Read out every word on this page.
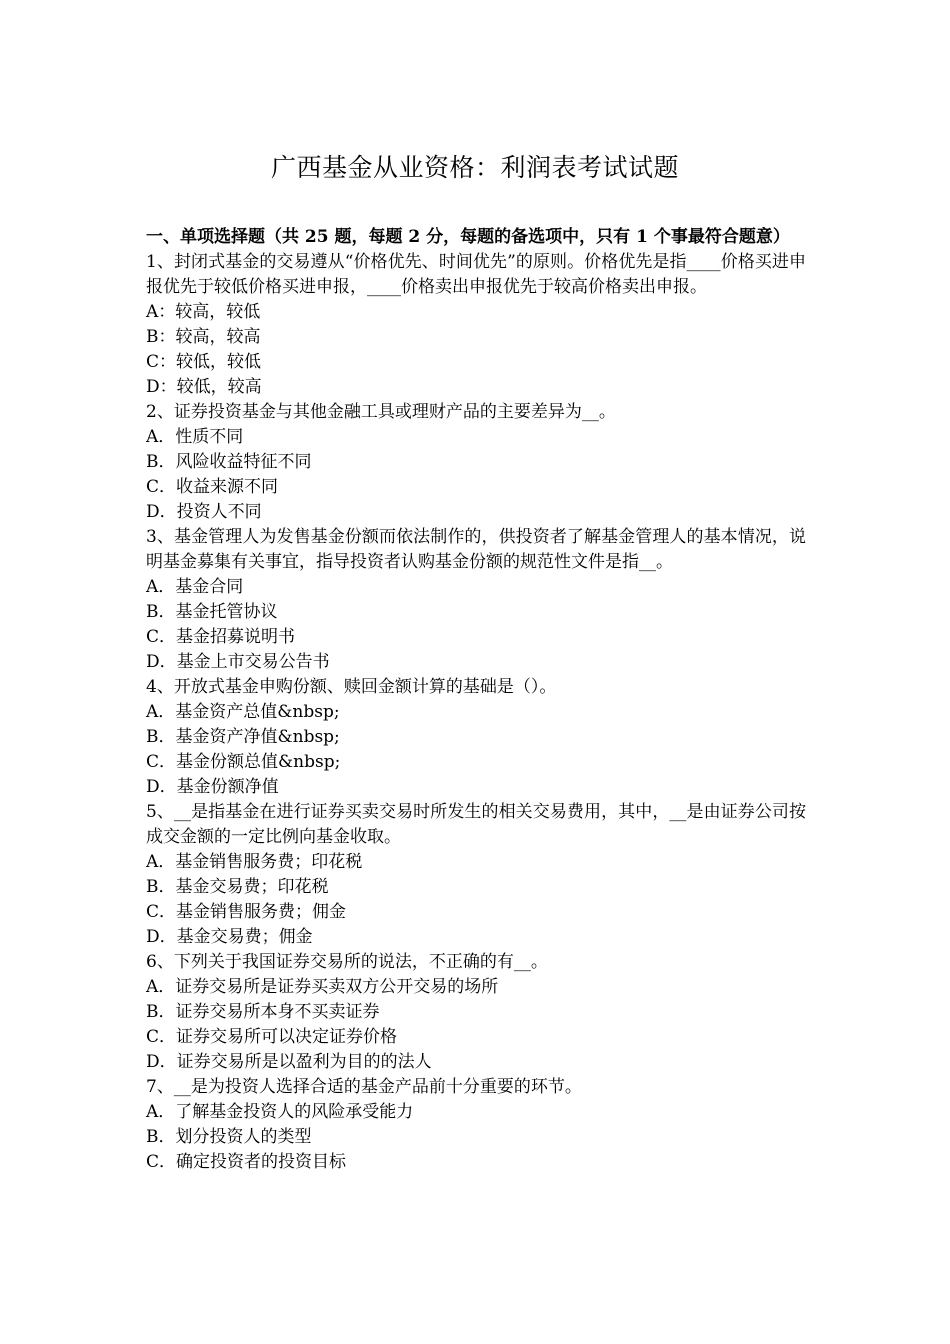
广西基金从业资格：利润表考试试题
一、单项选择题（共 25 题，每题 2 分，每题的备选项中，只有 1 个事最符合题意）
1、封闭式基金的交易遵从“价格优先、时间优先”的原则。价格优先是指____价格买进申报优先于较低价格买进申报，____价格卖出申报优先于较高价格卖出申报。
A：较高，较低
B：较高，较高
C：较低，较低
D：较低，较高
2、证券投资基金与其他金融工具或理财产品的主要差异为__。
A．性质不同
B．风险收益特征不同
C．收益来源不同
D．投资人不同
3、基金管理人为发售基金份额而依法制作的，供投资者了解基金管理人的基本情况，说明基金募集有关事宜，指导投资者认购基金份额的规范性文件是指__。
A．基金合同
B．基金托管协议
C．基金招募说明书
D．基金上市交易公告书
4、开放式基金申购份额、赎回金额计算的基础是（）。
A．基金资产总值&nbsp;
B．基金资产净值&nbsp;
C．基金份额总值&nbsp;
D．基金份额净值
5、__是指基金在进行证券买卖交易时所发生的相关交易费用，其中，__是由证券公司按成交金额的一定比例向基金收取。
A．基金销售服务费；印花税
B．基金交易费；印花税
C．基金销售服务费；佣金
D．基金交易费；佣金
6、下列关于我国证券交易所的说法，不正确的有__。
A．证券交易所是证券买卖双方公开交易的场所
B．证券交易所本身不买卖证券
C．证券交易所可以决定证券价格
D．证券交易所是以盈利为目的的法人
7、__是为投资人选择合适的基金产品前十分重要的环节。
A．了解基金投资人的风险承受能力
B．划分投资人的类型
C．确定投资者的投资目标
